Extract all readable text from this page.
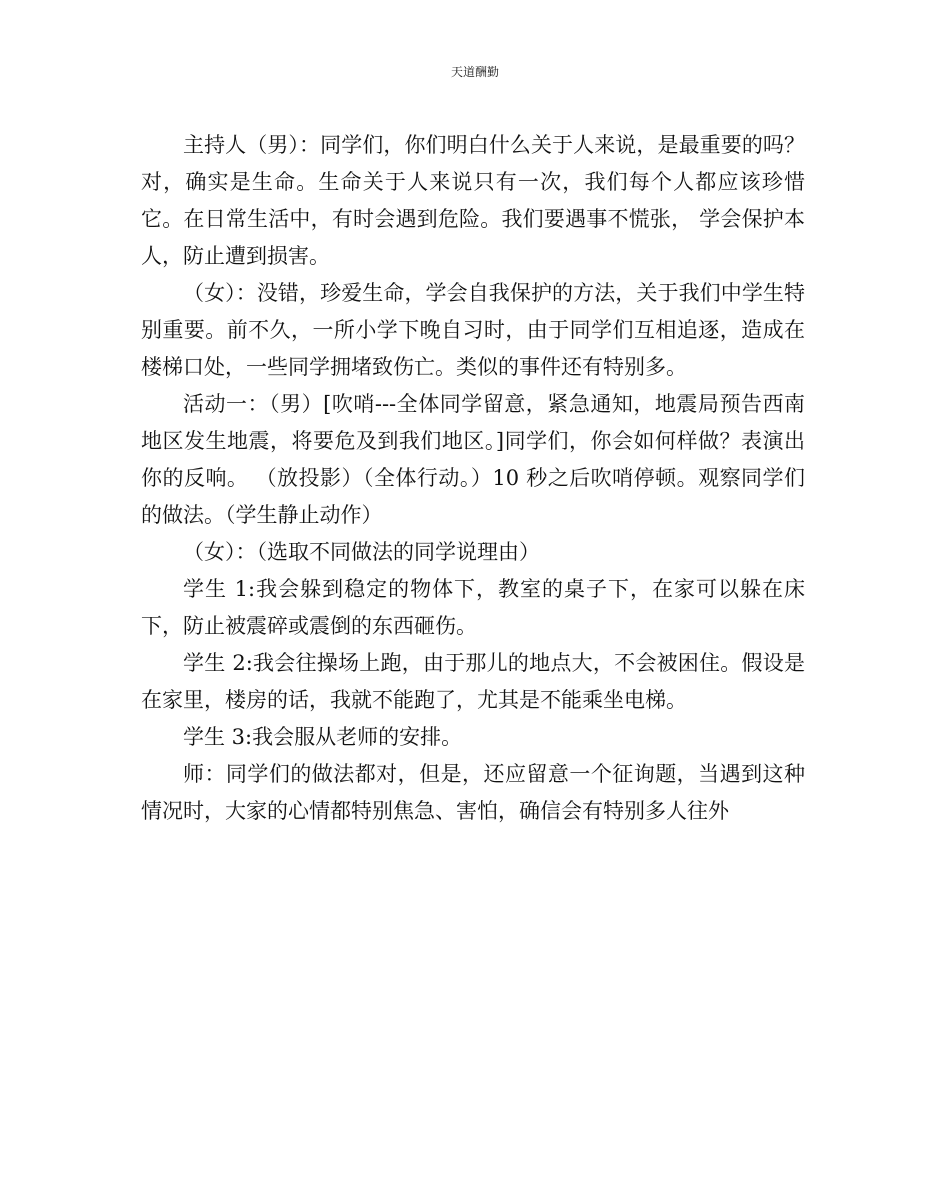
天道酬勤

主持人（男）：同学们，你们明白什么关于人来说，是最重要的吗？ 对，确实是生命。生命关于人来说只有一次，我们每个人都应该珍惜它。在日常生活中，有时会遇到危险。我们要遇事不慌张， 学会保护本人，防止遭到损害。

（女）：没错，珍爱生命，学会自我保护的方法，关于我们中学生特别重要。前不久，一所小学下晚自习时，由于同学们互相追逐，造成在楼梯口处，一些同学拥堵致伤亡。类似的事件还有特别多。

活动一：（男）[吹哨---全体同学留意，紧急通知，地震局预告西南地区发生地震，将要危及到我们地区。]同学们，你会如何样做？表演出你的反响。 （放投影）（全体行动。）10 秒之后吹哨停顿。观察同学们的做法。（学生静止动作）

（女）：（选取不同做法的同学说理由）

学生 1:我会躲到稳定的物体下，教室的桌子下，在家可以躲在床下，防止被震碎或震倒的东西砸伤。

学生 2:我会往操场上跑，由于那儿的地点大，不会被困住。假设是在家里，楼房的话，我就不能跑了，尤其是不能乘坐电梯。

学生 3:我会服从老师的安排。

师：同学们的做法都对，但是，还应留意一个征询题，当遇到这种情况时，大家的心情都特别焦急、害怕，确信会有特别多人往外
